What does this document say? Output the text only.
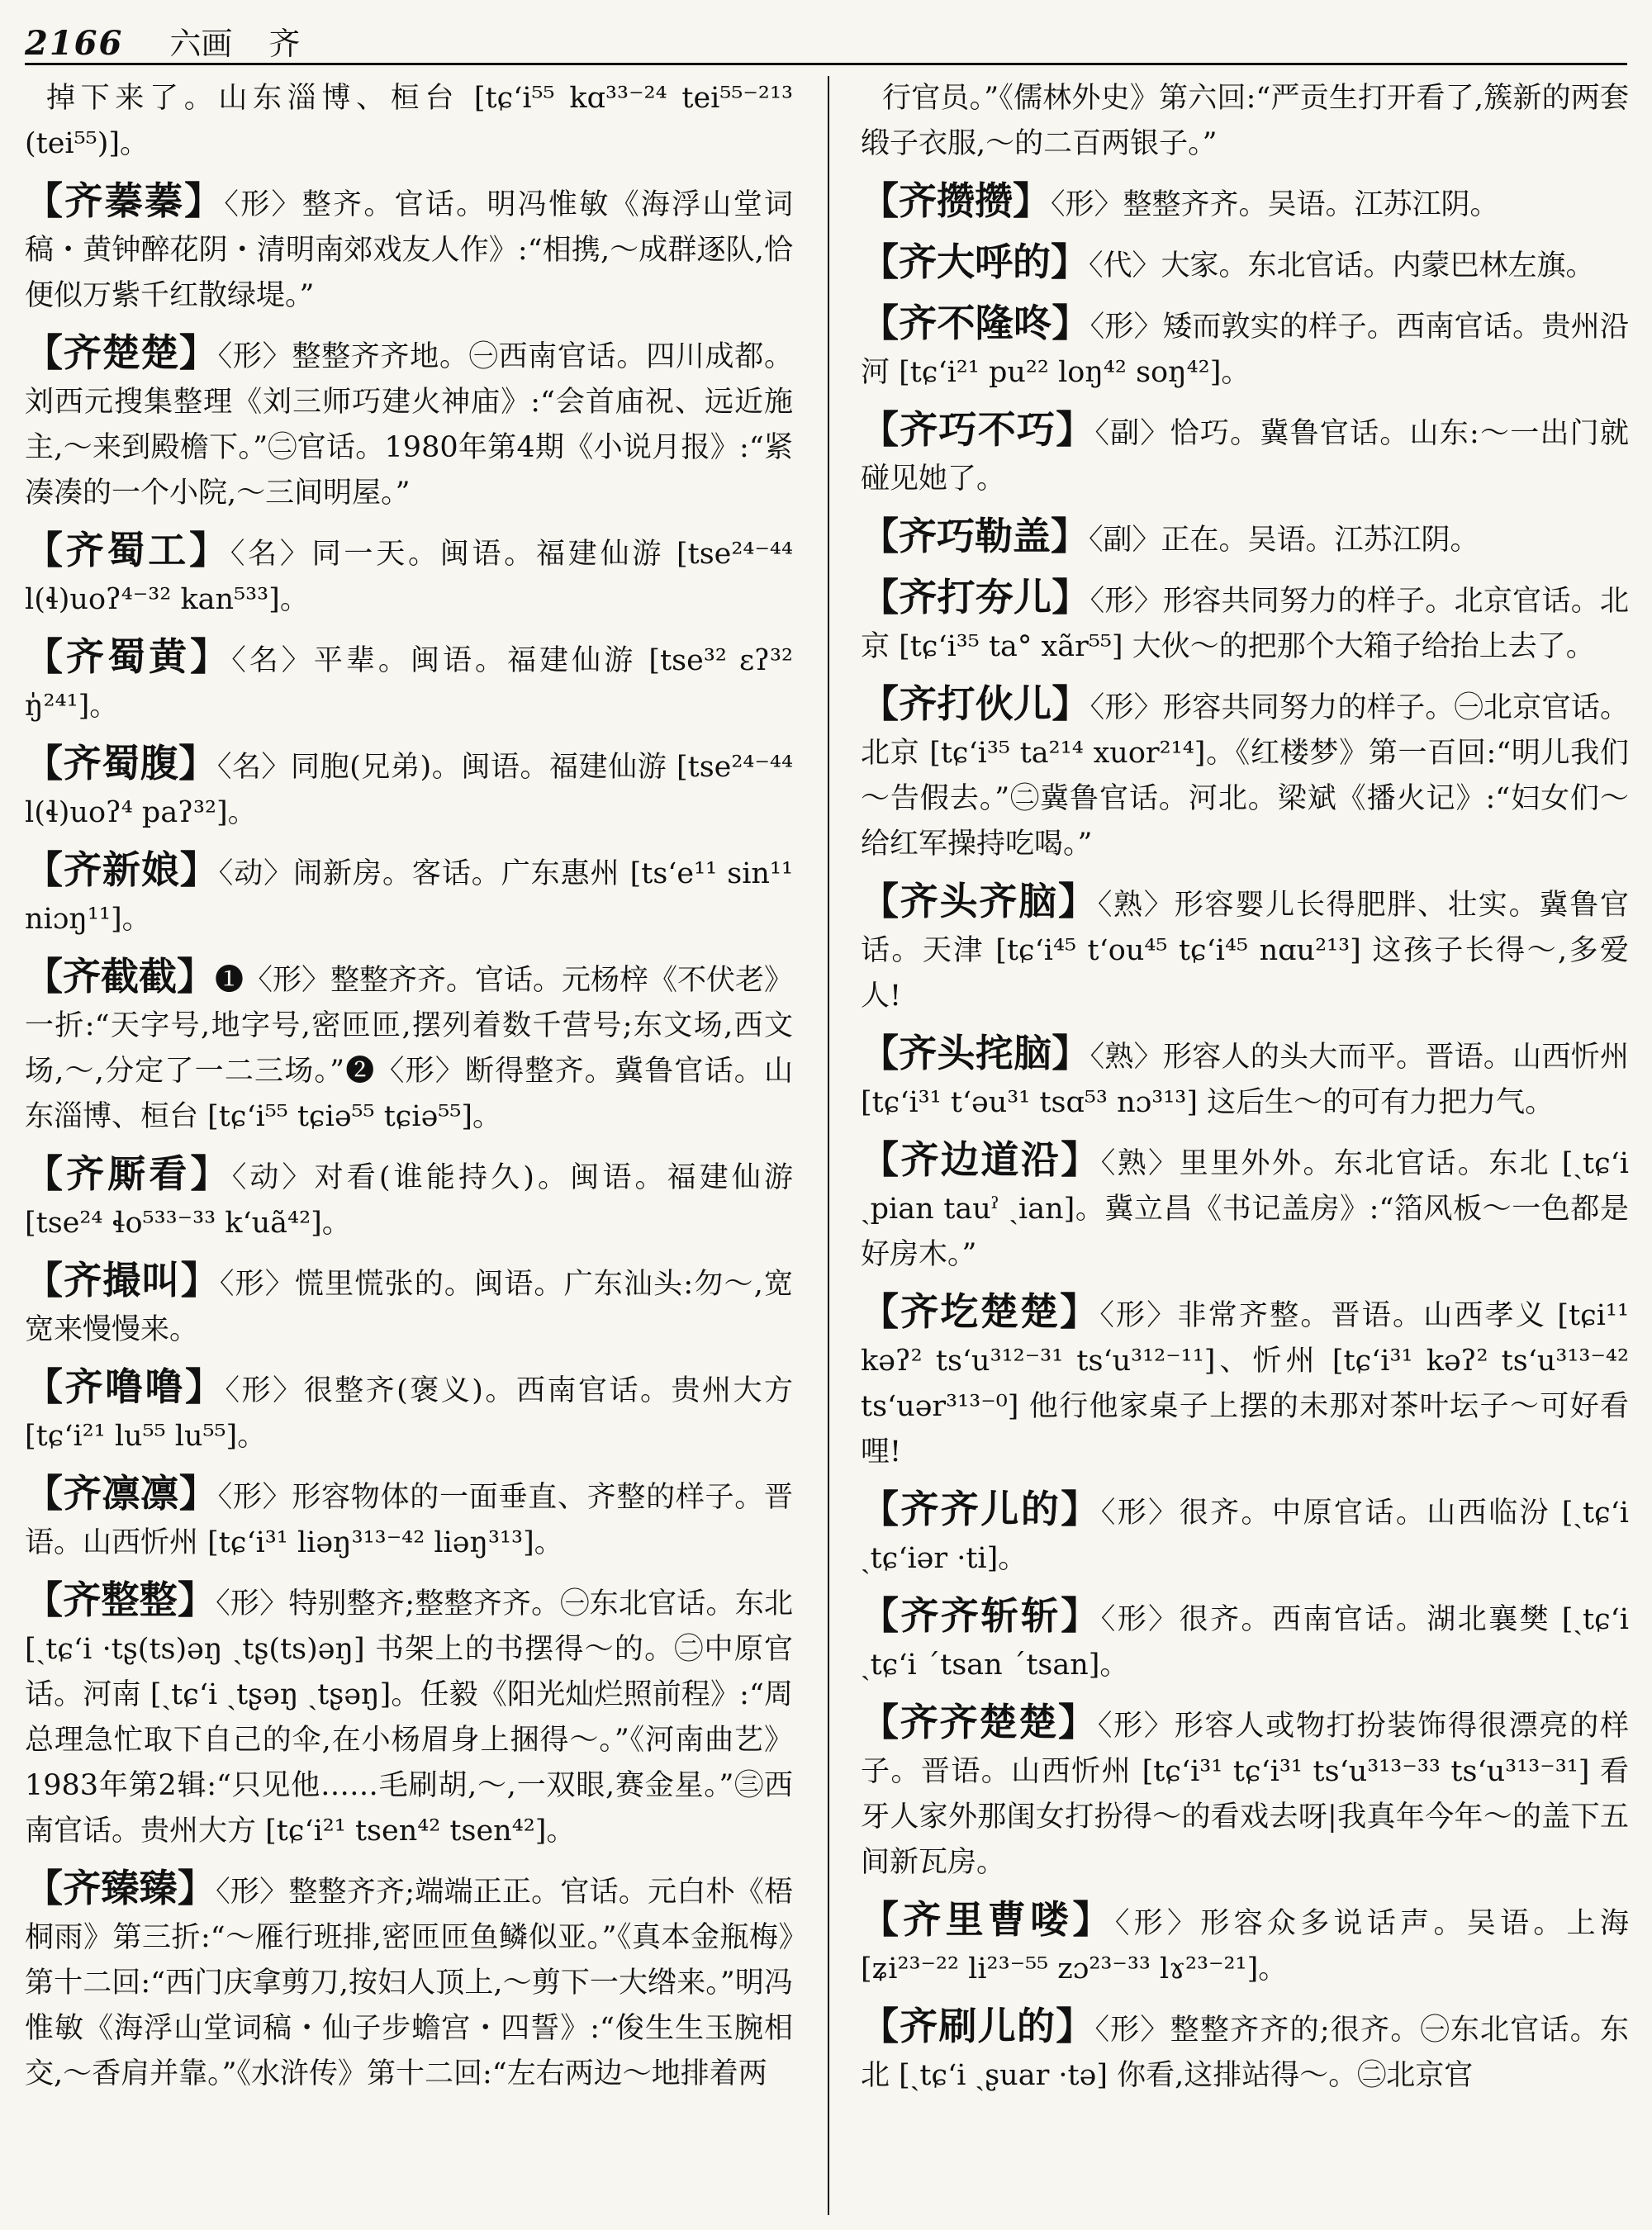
2166 六画 齐

掉下来了。山东淄博、桓台 [tɕʻi⁵⁵ kɑ³³⁻²⁴ tei⁵⁵⁻²¹³ (tei⁵⁵)]。

【齐蓁蓁】〈形〉整齐。官话。明冯惟敏《海浮山堂词稿・黄钟醉花阴・清明南郊戏友人作》:“相携,～成群逐队,恰便似万紫千红散绿堤。”

【齐楚楚】〈形〉整整齐齐地。㊀西南官话。四川成都。刘西元搜集整理《刘三师巧建火神庙》:“会首庙祝、远近施主,～来到殿檐下。”㊁官话。1980年第4期《小说月报》:“紧凑凑的一个小院,～三间明屋。”

【齐蜀工】〈名〉同一天。闽语。福建仙游 [tse²⁴⁻⁴⁴ l(ɬ)uoʔ⁴⁻³² kan⁵³³]。

【齐蜀黄】〈名〉平辈。闽语。福建仙游 [tse³² ɛʔ³² ŋ̍²⁴¹]。

【齐蜀腹】〈名〉同胞(兄弟)。闽语。福建仙游 [tse²⁴⁻⁴⁴ l(ɬ)uoʔ⁴ paʔ³²]。

【齐新娘】〈动〉闹新房。客话。广东惠州 [tsʻe¹¹ sin¹¹ niɔŋ¹¹]。

【齐截截】❶〈形〉整整齐齐。官话。元杨梓《不伏老》一折:“天字号,地字号,密匝匝,摆列着数千营号;东文场,西文场,～,分定了一二三场。”❷〈形〉断得整齐。冀鲁官话。山东淄博、桓台 [tɕʻi⁵⁵ tɕiə⁵⁵ tɕiə⁵⁵]。

【齐厮看】〈动〉对看(谁能持久)。闽语。福建仙游 [tse²⁴ ɬo⁵³³⁻³³ kʻuã⁴²]。

【齐撮叫】〈形〉慌里慌张的。闽语。广东汕头:勿～,宽宽来慢慢来。

【齐噜噜】〈形〉很整齐(褒义)。西南官话。贵州大方 [tɕʻi²¹ lu⁵⁵ lu⁵⁵]。

【齐凛凛】〈形〉形容物体的一面垂直、齐整的样子。晋语。山西忻州 [tɕʻi³¹ liəŋ³¹³⁻⁴² liəŋ³¹³]。

【齐整整】〈形〉特别整齐;整整齐齐。㊀东北官话。东北 [ˏtɕʻi ·tʂ(ts)əŋ ˏtʂ(ts)əŋ] 书架上的书摆得～的。㊁中原官话。河南 [ˏtɕʻi ˏtʂəŋ ˏtʂəŋ]。任毅《阳光灿烂照前程》:“周总理急忙取下自己的伞,在小杨眉身上捆得～。”《河南曲艺》1983年第2辑:“只见他……毛刷胡,～,一双眼,赛金星。”㊂西南官话。贵州大方 [tɕʻi²¹ tsen⁴² tsen⁴²]。

【齐臻臻】〈形〉整整齐齐;端端正正。官话。元白朴《梧桐雨》第三折:“～雁行班排,密匝匝鱼鳞似亚。”《真本金瓶梅》第十二回:“西门庆拿剪刀,按妇人顶上,～剪下一大绺来。”明冯惟敏《海浮山堂词稿・仙子步蟾宫・四誓》:“俊生生玉腕相交,～香肩并靠。”《水浒传》第十二回:“左右两边～地排着两

行官员。”《儒林外史》第六回:“严贡生打开看了,簇新的两套缎子衣服,～的二百两银子。”

【齐攒攒】〈形〉整整齐齐。吴语。江苏江阴。

【齐大呼的】〈代〉大家。东北官话。内蒙巴林左旗。

【齐不隆咚】〈形〉矮而敦实的样子。西南官话。贵州沿河 [tɕʻi²¹ pu²² loŋ⁴² soŋ⁴²]。

【齐巧不巧】〈副〉恰巧。冀鲁官话。山东:～一出门就碰见她了。

【齐巧勒盖】〈副〉正在。吴语。江苏江阴。

【齐打夯儿】〈形〉形容共同努力的样子。北京官话。北京 [tɕʻi³⁵ ta° xãr⁵⁵] 大伙～的把那个大箱子给抬上去了。

【齐打伙儿】〈形〉形容共同努力的样子。㊀北京官话。北京 [tɕʻi³⁵ ta²¹⁴ xuor²¹⁴]。《红楼梦》第一百回:“明儿我们～告假去。”㊁冀鲁官话。河北。梁斌《播火记》:“妇女们～给红军操持吃喝。”

【齐头齐脑】〈熟〉形容婴儿长得肥胖、壮实。冀鲁官话。天津 [tɕʻi⁴⁵ tʻou⁴⁵ tɕʻi⁴⁵ nɑu²¹³] 这孩子长得～,多爱人!

【齐头挓脑】〈熟〉形容人的头大而平。晋语。山西忻州 [tɕʻi³¹ tʻəu³¹ tsɑ⁵³ nɔ³¹³] 这后生～的可有力把力气。

【齐边道沿】〈熟〉里里外外。东北官话。东北 [ˏtɕʻi ˏpian tauˀ ˏian]。冀立昌《书记盖房》:“箔风板～一色都是好房木。”

【齐圪楚楚】〈形〉非常齐整。晋语。山西孝义 [tɕi¹¹ kəʔ² tsʻu³¹²⁻³¹ tsʻu³¹²⁻¹¹]、忻州 [tɕʻi³¹ kəʔ² tsʻu³¹³⁻⁴² tsʻuər³¹³⁻⁰] 他行他家桌子上摆的未那对茶叶坛子～可好看哩!

【齐齐儿的】〈形〉很齐。中原官话。山西临汾 [ˏtɕʻi ˏtɕʻiər ·ti]。

【齐齐斩斩】〈形〉很齐。西南官话。湖北襄樊 [ˏtɕʻi ˏtɕʻi ˊtsan ˊtsan]。

【齐齐楚楚】〈形〉形容人或物打扮装饰得很漂亮的样子。晋语。山西忻州 [tɕʻi³¹ tɕʻi³¹ tsʻu³¹³⁻³³ tsʻu³¹³⁻³¹] 看牙人家外那闺女打扮得～的看戏去呀|我真年今年～的盖下五间新瓦房。

【齐里曹喽】〈形〉形容众多说话声。吴语。上海 [ʑi²³⁻²² li²³⁻⁵⁵ zɔ²³⁻³³ lɤ²³⁻²¹]。

【齐刷儿的】〈形〉整整齐齐的;很齐。㊀东北官话。东北 [ˏtɕʻi ˏʂuar ·tə] 你看,这排站得～。㊁北京官
